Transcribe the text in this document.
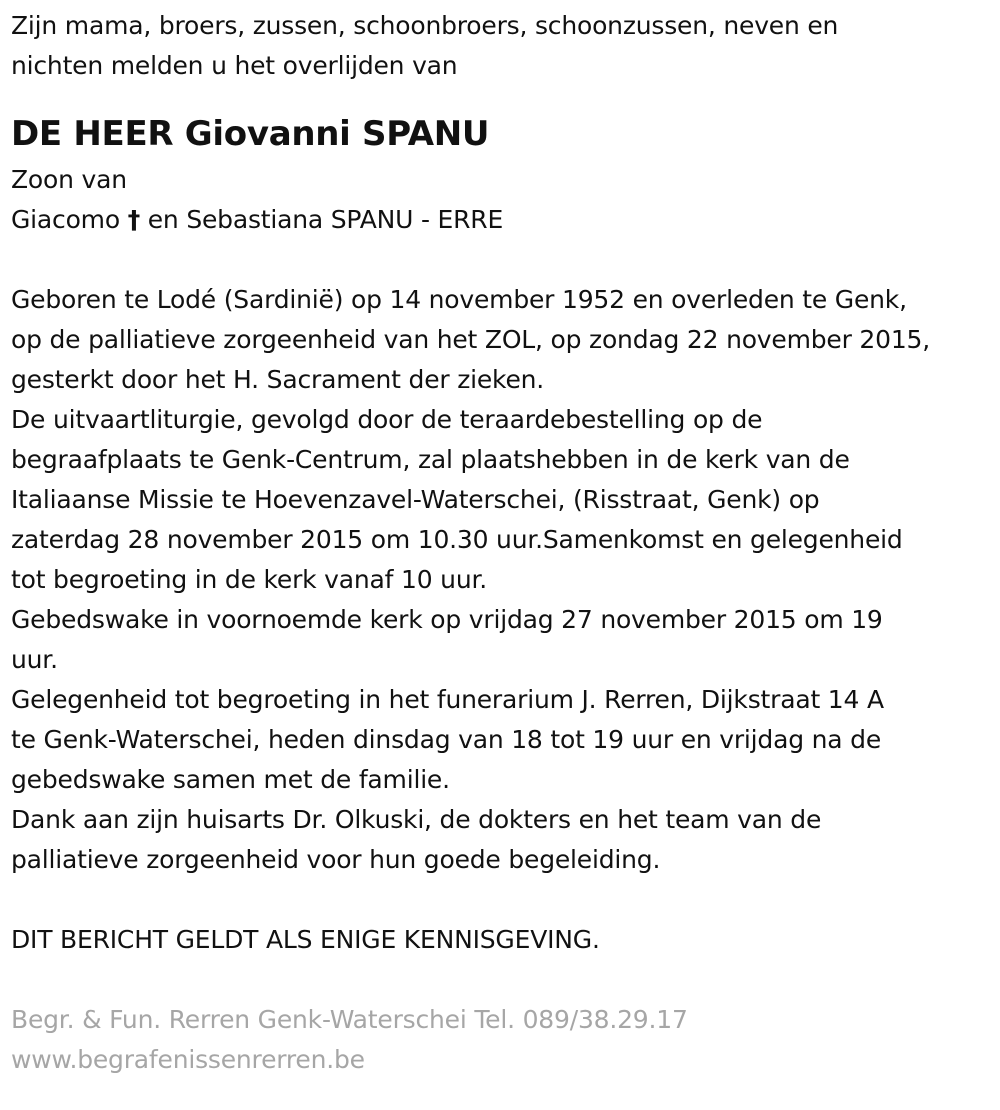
Zijn mama, broers, zussen, schoonbroers, schoonzussen, neven en
nichten melden u het overlijden van
DE HEER Giovanni SPANU
Zoon van
Giacomo † en Sebastiana SPANU - ERRE
Geboren te Lodé (Sardinië) op 14 november 1952 en overleden te Genk,
op de palliatieve zorgeenheid van het ZOL, op zondag 22 november 2015,
gesterkt door het H. Sacrament der zieken.
De uitvaartliturgie, gevolgd door de teraardebestelling op de
begraafplaats te Genk-Centrum, zal plaatshebben in de kerk van de
Italiaanse Missie te Hoevenzavel-Waterschei, (Risstraat, Genk) op
zaterdag 28 november 2015 om 10.30 uur.Samenkomst en gelegenheid
tot begroeting in de kerk vanaf 10 uur.
Gebedswake in voornoemde kerk op vrijdag 27 november 2015 om 19
uur.
Gelegenheid tot begroeting in het funerarium J. Rerren, Dijkstraat 14 A
te Genk-Waterschei, heden dinsdag van 18 tot 19 uur en vrijdag na de
gebedswake samen met de familie.
Dank aan zijn huisarts Dr. Olkuski, de dokters en het team van de
palliatieve zorgeenheid voor hun goede begeleiding.
DIT BERICHT GELDT ALS ENIGE KENNISGEVING.
Begr. & Fun. Rerren Genk-Waterschei Tel. 089/38.29.17
www.begrafenissenrerren.be
